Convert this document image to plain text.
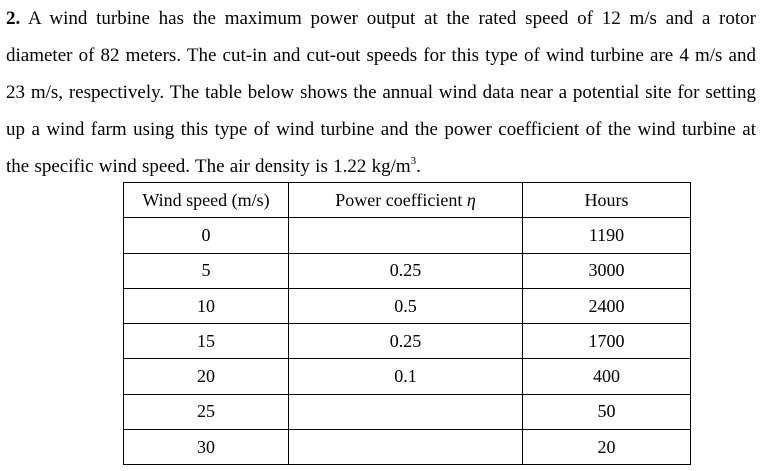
2. A wind turbine has the maximum power output at the rated speed of 12 m/s and a rotor diameter of 82 meters. The cut-in and cut-out speeds for this type of wind turbine are 4 m/s and 23 m/s, respectively. The table below shows the annual wind data near a potential site for setting up a wind farm using this type of wind turbine and the power coefficient of the wind turbine at the specific wind speed. The air density is 1.22 $kg/m^3$.

Wind speed (m/s)	Power coefficient η	Hours
0		1190
5	0.25	3000
10	0.5	2400
15	0.25	1700
20	0.1	400
25		50
30		20
